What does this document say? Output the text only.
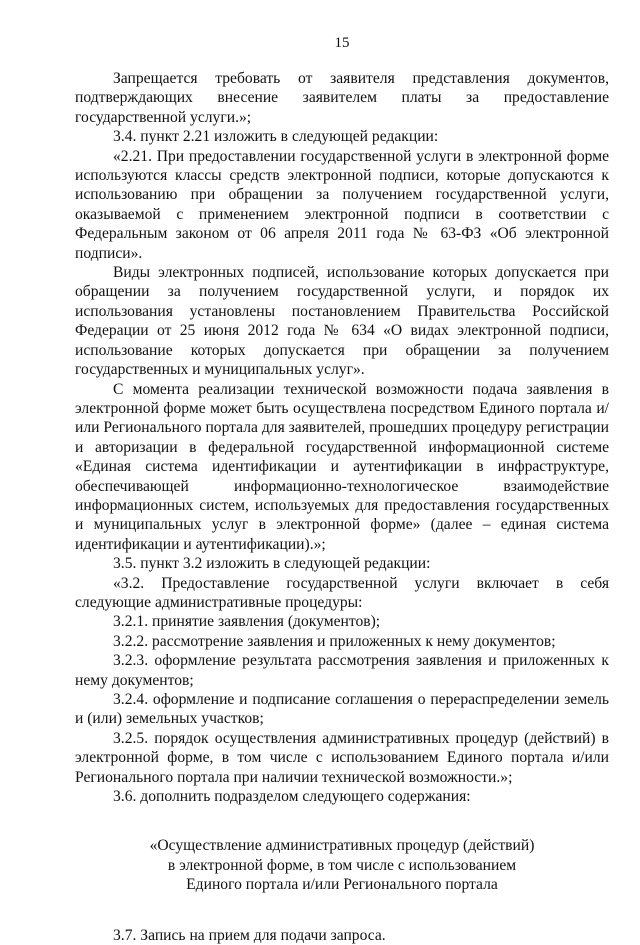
15

Запрещается требовать от заявителя представления документов, подтверждающих внесение заявителем платы за предоставление государственной услуги.»;

3.4. пункт 2.21 изложить в следующей редакции:

«2.21. При предоставлении государственной услуги в электронной форме используются классы средств электронной подписи, которые допускаются к использованию при обращении за получением государственной услуги, оказываемой с применением электронной подписи в соответствии с Федеральным законом от 06 апреля 2011 года № 63-ФЗ «Об электронной подписи».

Виды электронных подписей, использование которых допускается при обращении за получением государственной услуги, и порядок их использования установлены постановлением Правительства Российской Федерации от 25 июня 2012 года № 634 «О видах электронной подписи, использование которых допускается при обращении за получением государственных и муниципальных услуг».

С момента реализации технической возможности подача заявления в электронной форме может быть осуществлена посредством Единого портала и/или Регионального портала для заявителей, прошедших процедуру регистрации и авторизации в федеральной государственной информационной системе «Единая система идентификации и аутентификации в инфраструктуре, обеспечивающей информационно-технологическое взаимодействие информационных систем, используемых для предоставления государственных и муниципальных услуг в электронной форме» (далее – единая система идентификации и аутентификации).»;

3.5. пункт 3.2 изложить в следующей редакции:

«3.2. Предоставление государственной услуги включает в себя следующие административные процедуры:

3.2.1. принятие заявления (документов);

3.2.2. рассмотрение заявления и приложенных к нему документов;

3.2.3. оформление результата рассмотрения заявления и приложенных к нему документов;

3.2.4. оформление и подписание соглашения о перераспределении земель и (или) земельных участков;

3.2.5. порядок осуществления административных процедур (действий) в электронной форме, в том числе с использованием Единого портала и/или Регионального портала при наличии технической возможности.»;

3.6. дополнить подразделом следующего содержания:

«Осуществление административных процедур (действий)
в электронной форме, в том числе с использованием
Единого портала и/или Регионального портала

3.7. Запись на прием для подачи запроса.
